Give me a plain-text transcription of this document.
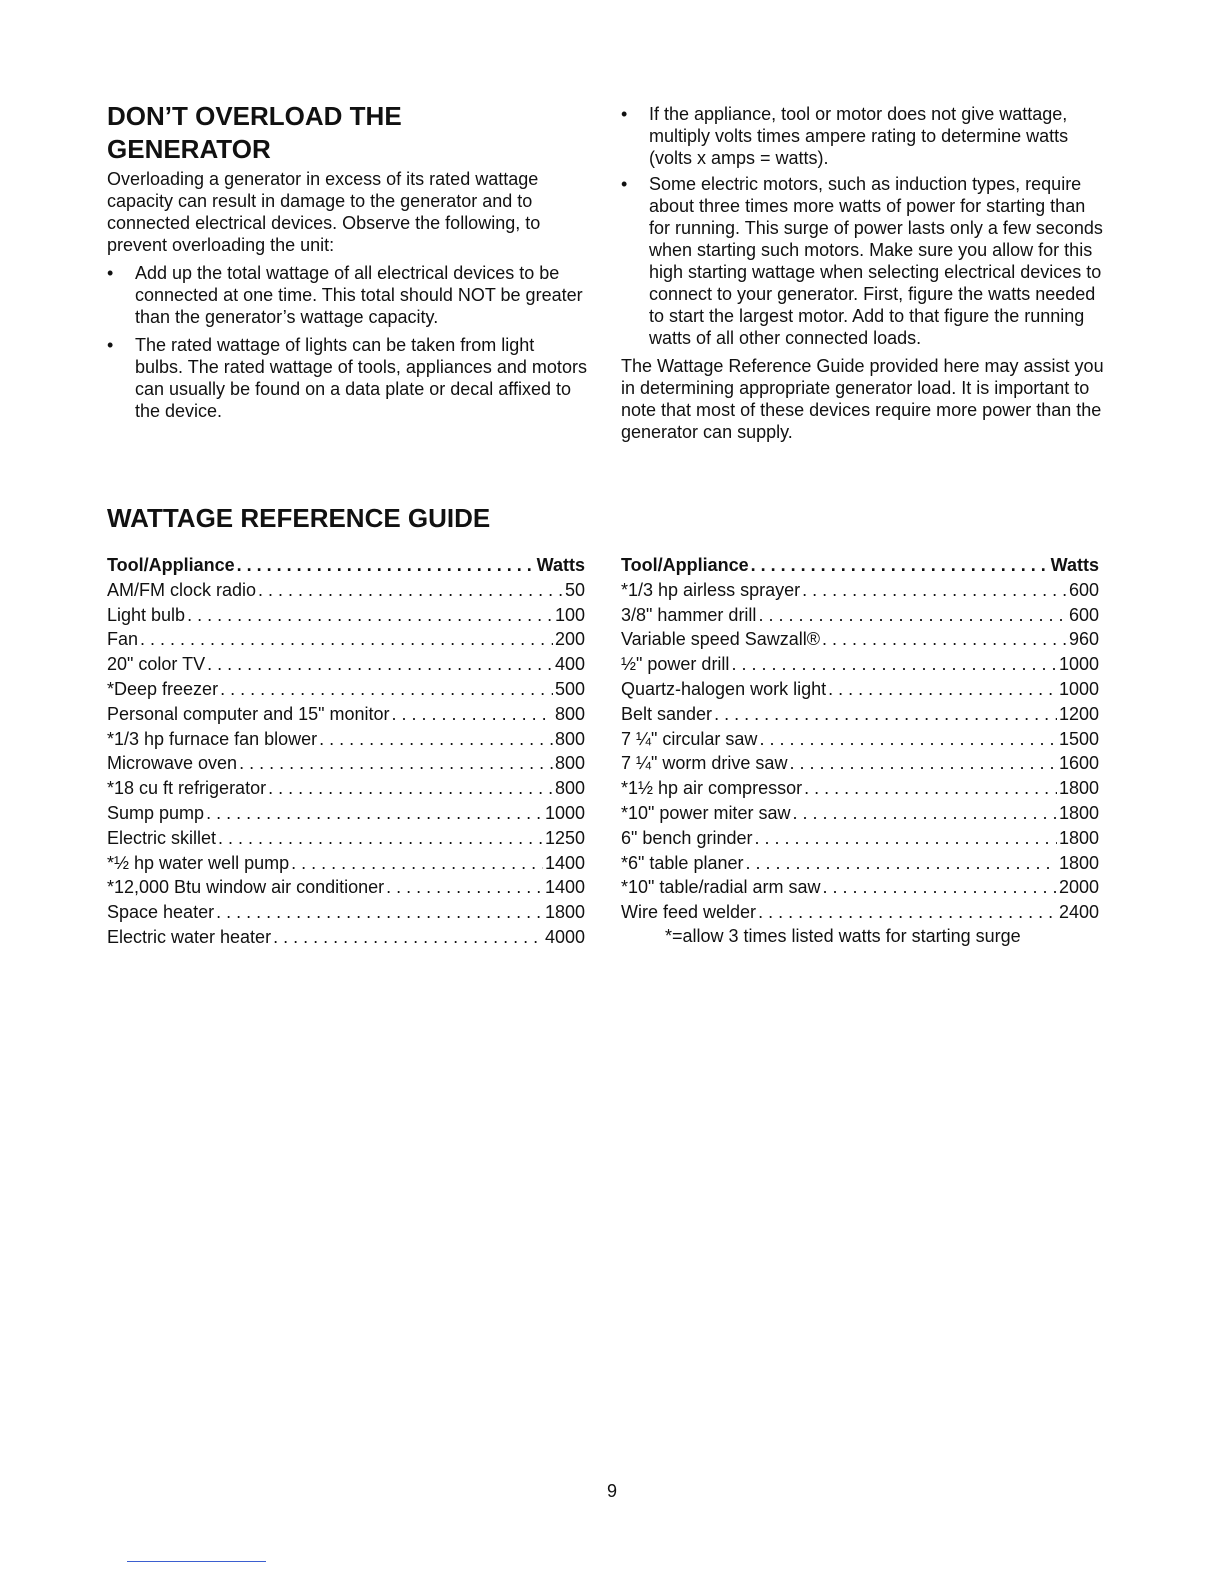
DON’T OVERLOAD THE
GENERATOR

Overloading a generator in excess of its rated wattage capacity can result in damage to the generator and to connected electrical devices. Observe the following, to prevent overloading the unit:

•	Add up the total wattage of all electrical devices to be connected at one time. This total should NOT be greater than the generator’s wattage capacity.
•	The rated wattage of lights can be taken from light bulbs. The rated wattage of tools, appliances and motors can usually be found on a data plate or decal affixed to the device.
•	If the appliance, tool or motor does not give wattage, multiply volts times ampere rating to determine watts (volts x amps = watts).
•	Some electric motors, such as induction types, require about three times more watts of power for starting than for running. This surge of power lasts only a few seconds when starting such motors. Make sure you allow for this high starting wattage when selecting electrical devices to connect to your generator. First, figure the watts needed to start the largest motor. Add to that figure the running watts of all other connected loads.

The Wattage Reference Guide provided here may assist you in determining appropriate generator load. It is important to note that most of these devices require more power than the generator can supply.

WATTAGE REFERENCE GUIDE
Tool/Appliance . . .	Watts
AM/FM clock radio . . .	50
Light bulb . . .	100
Fan . . .	200
20" color TV . . .	400
*Deep freezer . . .	500
Personal computer and 15" monitor . . .	800
*1/3 hp furnace fan blower . . .	800
Microwave oven . . .	800
*18 cu ft refrigerator . . .	800
Sump pump . . .	1000
Electric skillet . . .	1250
*½ hp water well pump . . .	1400
*12,000 Btu window air conditioner . . .	1400
Space heater . . .	1800
Electric water heater . . .	4000
Tool/Appliance . . .	Watts
*1/3 hp airless sprayer . . .	600
3/8" hammer drill . . .	600
Variable speed Sawzall® . . .	960
½" power drill . . .	1000
Quartz-halogen work light . . .	1000
Belt sander . . .	1200
7 ¼" circular saw . . .	1500
7 ¼" worm drive saw . . .	1600
*1½ hp air compressor . . .	1800
*10" power miter saw . . .	1800
6" bench grinder . . .	1800
*6" table planer . . .	1800
*10" table/radial arm saw . . .	2000
Wire feed welder . . .	2400
*=allow 3 times listed watts for starting surge
9
